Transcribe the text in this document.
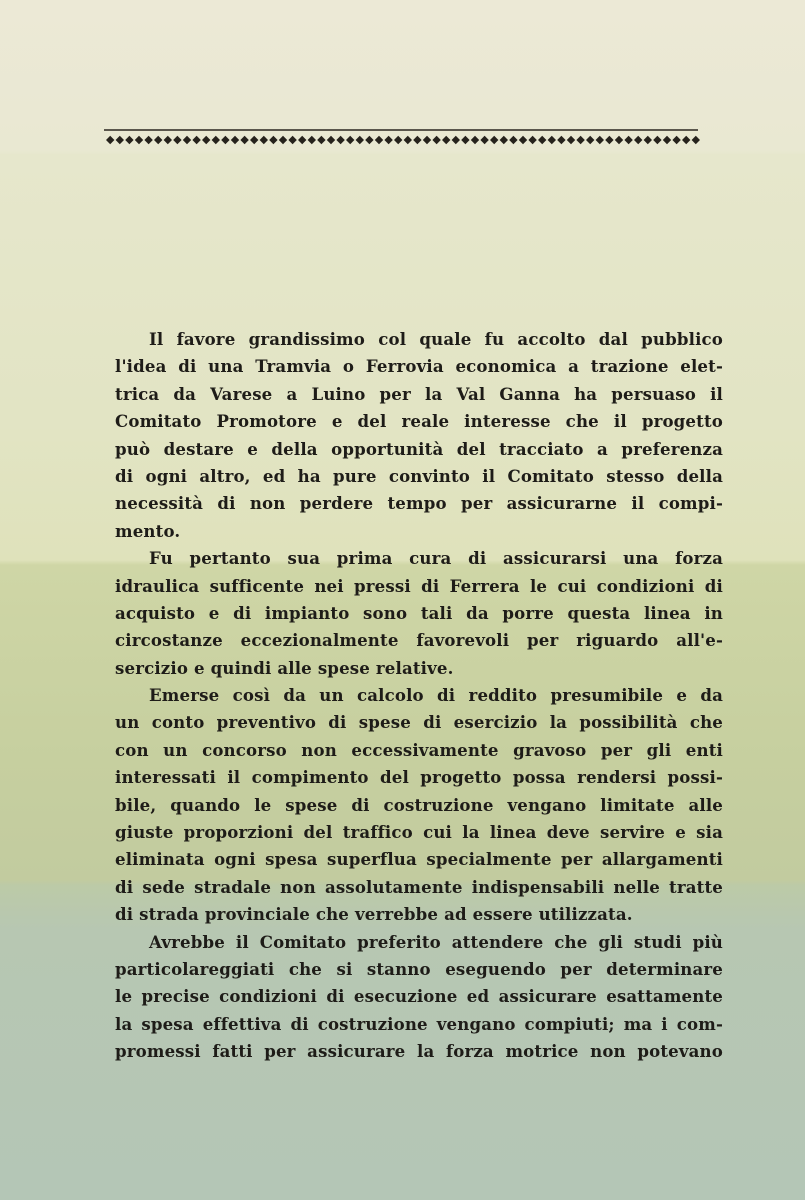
Il favore grandissimo col quale fu accolto dal pubblico
l'idea di una Tramvia o Ferrovia economica a trazione elet-
trica da Varese a Luino per la Val Ganna ha persuaso il
Comitato Promotore e del reale interesse che il progetto
può destare e della opportunità del tracciato a preferenza
di ogni altro, ed ha pure convinto il Comitato stesso della
necessità di non perdere tempo per assicurarne il compi-
mento.
Fu pertanto sua prima cura di assicurarsi una forza
idraulica sufficente nei pressi di Ferrera le cui condizioni di
acquisto e di impianto sono tali da porre questa linea in
circostanze eccezionalmente favorevoli per riguardo all'e-
sercizio e quindi alle spese relative.
Emerse così da un calcolo di reddito presumibile e da
un conto preventivo di spese di esercizio la possibilità che
con un concorso non eccessivamente gravoso per gli enti
interessati il compimento del progetto possa rendersi possi-
bile, quando le spese di costruzione vengano limitate alle
giuste proporzioni del traffico cui la linea deve servire e sia
eliminata ogni spesa superflua specialmente per allargamenti
di sede stradale non assolutamente indispensabili nelle tratte
di strada provinciale che verrebbe ad essere utilizzata.
Avrebbe il Comitato preferito attendere che gli studi più
particolareggiati che si stanno eseguendo per determinare
le precise condizioni di esecuzione ed assicurare esattamente
la spesa effettiva di costruzione vengano compiuti; ma i com-
promessi fatti per assicurare la forza motrice non potevano
